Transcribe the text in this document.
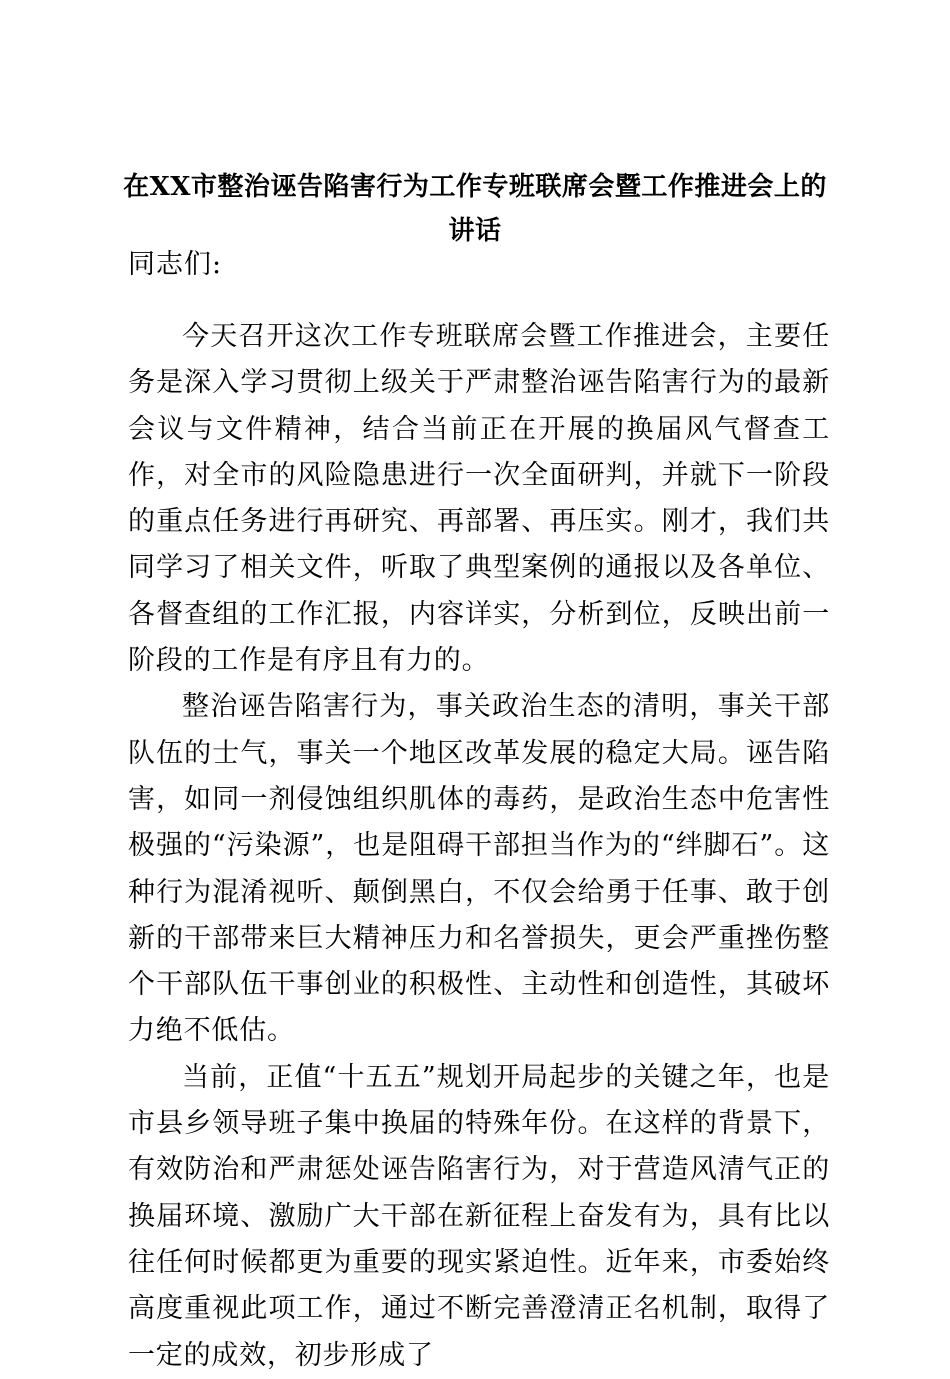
在XX市整治诬告陷害行为工作专班联席会暨工作推进会上的讲话
同志们:

今天召开这次工作专班联席会暨工作推进会，主要任务是深入学习贯彻上级关于严肃整治诬告陷害行为的最新会议与文件精神，结合当前正在开展的换届风气督查工作，对全市的风险隐患进行一次全面研判，并就下一阶段的重点任务进行再研究、再部署、再压实。刚才，我们共同学习了相关文件，听取了典型案例的通报以及各单位、各督查组的工作汇报，内容详实，分析到位，反映出前一阶段的工作是有序且有力的。

整治诬告陷害行为，事关政治生态的清明，事关干部队伍的士气，事关一个地区改革发展的稳定大局。诬告陷害，如同一剂侵蚀组织肌体的毒药，是政治生态中危害性极强的“污染源”，也是阻碍干部担当作为的“绊脚石”。这种行为混淆视听、颠倒黑白，不仅会给勇于任事、敢于创新的干部带来巨大精神压力和名誉损失，更会严重挫伤整个干部队伍干事创业的积极性、主动性和创造性，其破坏力绝不低估。

当前，正值“十五五”规划开局起步的关键之年，也是市县乡领导班子集中换届的特殊年份。在这样的背景下，有效防治和严肃惩处诬告陷害行为，对于营造风清气正的换届环境、激励广大干部在新征程上奋发有为，具有比以往任何时候都更为重要的现实紧迫性。近年来，市委始终高度重视此项工作，通过不断完善澄清正名机制，取得了一定的成效，初步形成了
